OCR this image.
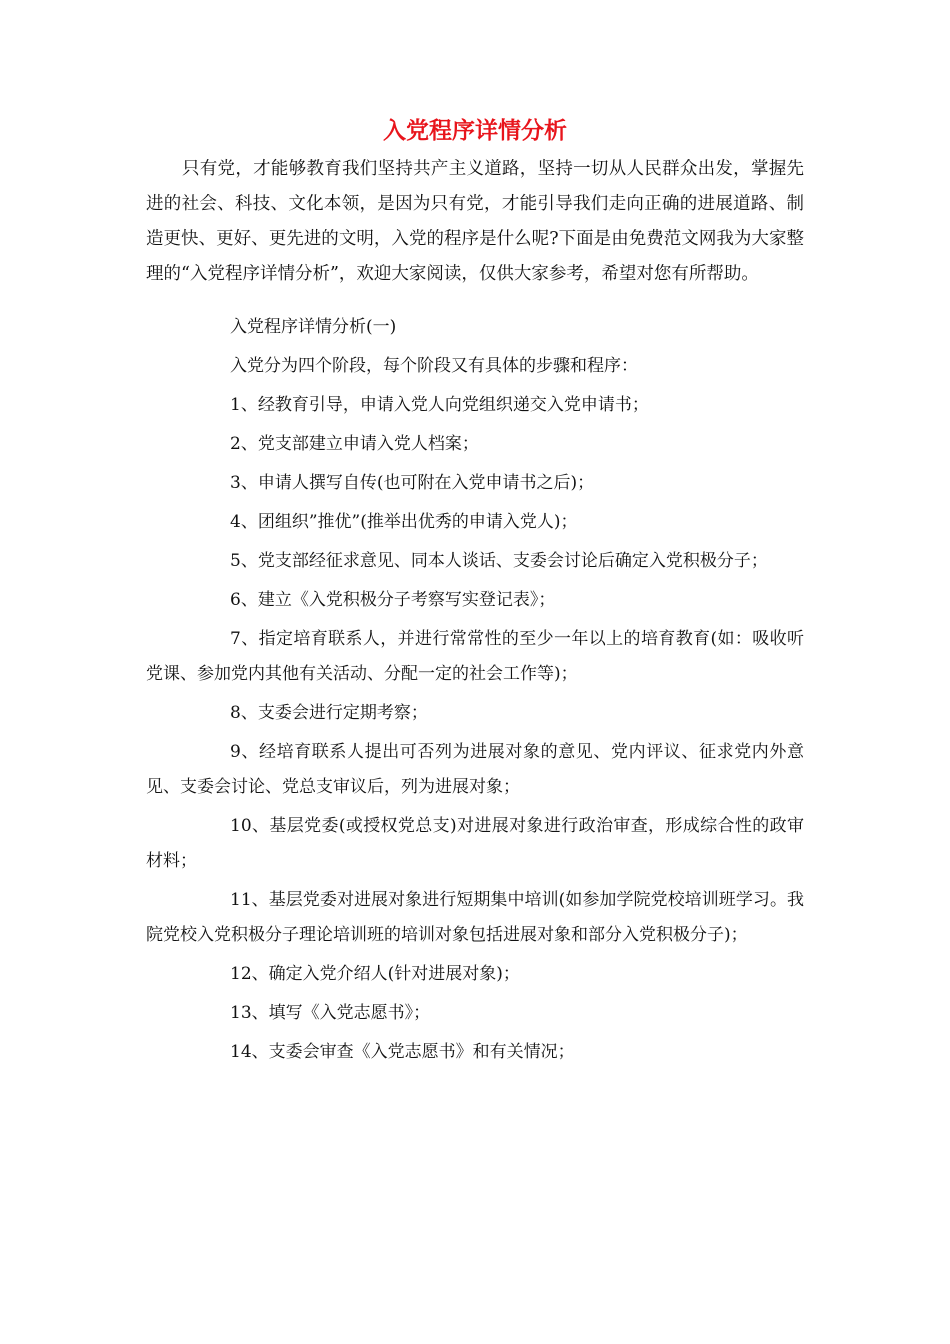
入党程序详情分析

只有党，才能够教育我们坚持共产主义道路，坚持一切从人民群众出发，掌握先进的社会、科技、文化本领，是因为只有党，才能引导我们走向正确的进展道路、制造更快、更好、更先进的文明，入党的程序是什么呢?下面是由免费范文网我为大家整理的“入党程序详情分析”，欢迎大家阅读，仅供大家参考，希望对您有所帮助。

入党程序详情分析(一)

入党分为四个阶段，每个阶段又有具体的步骤和程序：

1、经教育引导，申请入党人向党组织递交入党申请书；

2、党支部建立申请入党人档案；

3、申请人撰写自传(也可附在入党申请书之后)；

4、团组织”推优”(推举出优秀的申请入党人)；

5、党支部经征求意见、同本人谈话、支委会讨论后确定入党积极分子；

6、建立《入党积极分子考察写实登记表》；

7、指定培育联系人，并进行常常性的至少一年以上的培育教育(如：吸收听党课、参加党内其他有关活动、分配一定的社会工作等)；

8、支委会进行定期考察；

9、经培育联系人提出可否列为进展对象的意见、党内评议、征求党内外意见、支委会讨论、党总支审议后，列为进展对象；

10、基层党委(或授权党总支)对进展对象进行政治审查，形成综合性的政审材料；

11、基层党委对进展对象进行短期集中培训(如参加学院党校培训班学习。我院党校入党积极分子理论培训班的培训对象包括进展对象和部分入党积极分子)；

12、确定入党介绍人(针对进展对象)；

13、填写《入党志愿书》；

14、支委会审查《入党志愿书》和有关情况；
